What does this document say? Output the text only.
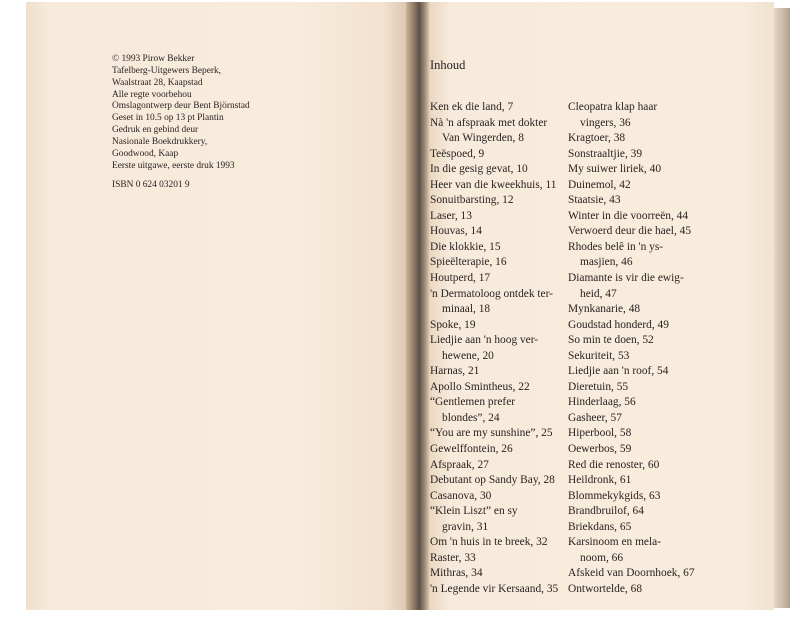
© 1993 Pirow Bekker
Tafelberg-Uitgewers Beperk,
Waalstraat 28, Kaapstad
Alle regte voorbehou
Omslagontwerp deur Bent Björnstad
Geset in 10.5 op 13 pt Plantin
Gedruk en gebind deur
Nasionale Boekdrukkery,
Goodwood, Kaap
Eerste uitgawe, eerste druk 1993
ISBN 0 624 03201 9
Inhoud
Ken ek die land, 7
Nà 'n afspraak met dokter
Van Wingerden, 8
Teëspoed, 9
In die gesig gevat, 10
Heer van die kweekhuis, 11
Sonuitbarsting, 12
Laser, 13
Houvas, 14
Die klokkie, 15
Spieëlterapie, 16
Houtperd, 17
'n Dermatoloog ontdek ter-
minaal, 18
Spoke, 19
Liedjie aan 'n hoog ver-
hewene, 20
Harnas, 21
Apollo Smintheus, 22
“Gentlemen prefer
blondes”, 24
“You are my sunshine”, 25
Gewelffontein, 26
Afspraak, 27
Debutant op Sandy Bay, 28
Casanova, 30
“Klein Liszt” en sy
gravin, 31
Om 'n huis in te breek, 32
Raster, 33
Mithras, 34
'n Legende vir Kersaand, 35
Cleopatra klap haar
vingers, 36
Kragtoer, 38
Sonstraaltjie, 39
My suiwer liriek, 40
Duinemol, 42
Staatsie, 43
Winter in die voorreën, 44
Verwoerd deur die hael, 45
Rhodes belê in 'n ys-
masjien, 46
Diamante is vir die ewig-
heid, 47
Mynkanarie, 48
Goudstad honderd, 49
So min te doen, 52
Sekuriteit, 53
Liedjie aan 'n roof, 54
Dieretuin, 55
Hinderlaag, 56
Gasheer, 57
Hiperbool, 58
Oewerbos, 59
Red die renoster, 60
Heildronk, 61
Blommekykgids, 63
Brandbruilof, 64
Briekdans, 65
Karsinoom en mela-
noom, 66
Afskeid van Doornhoek, 67
Ontwortelde, 68
